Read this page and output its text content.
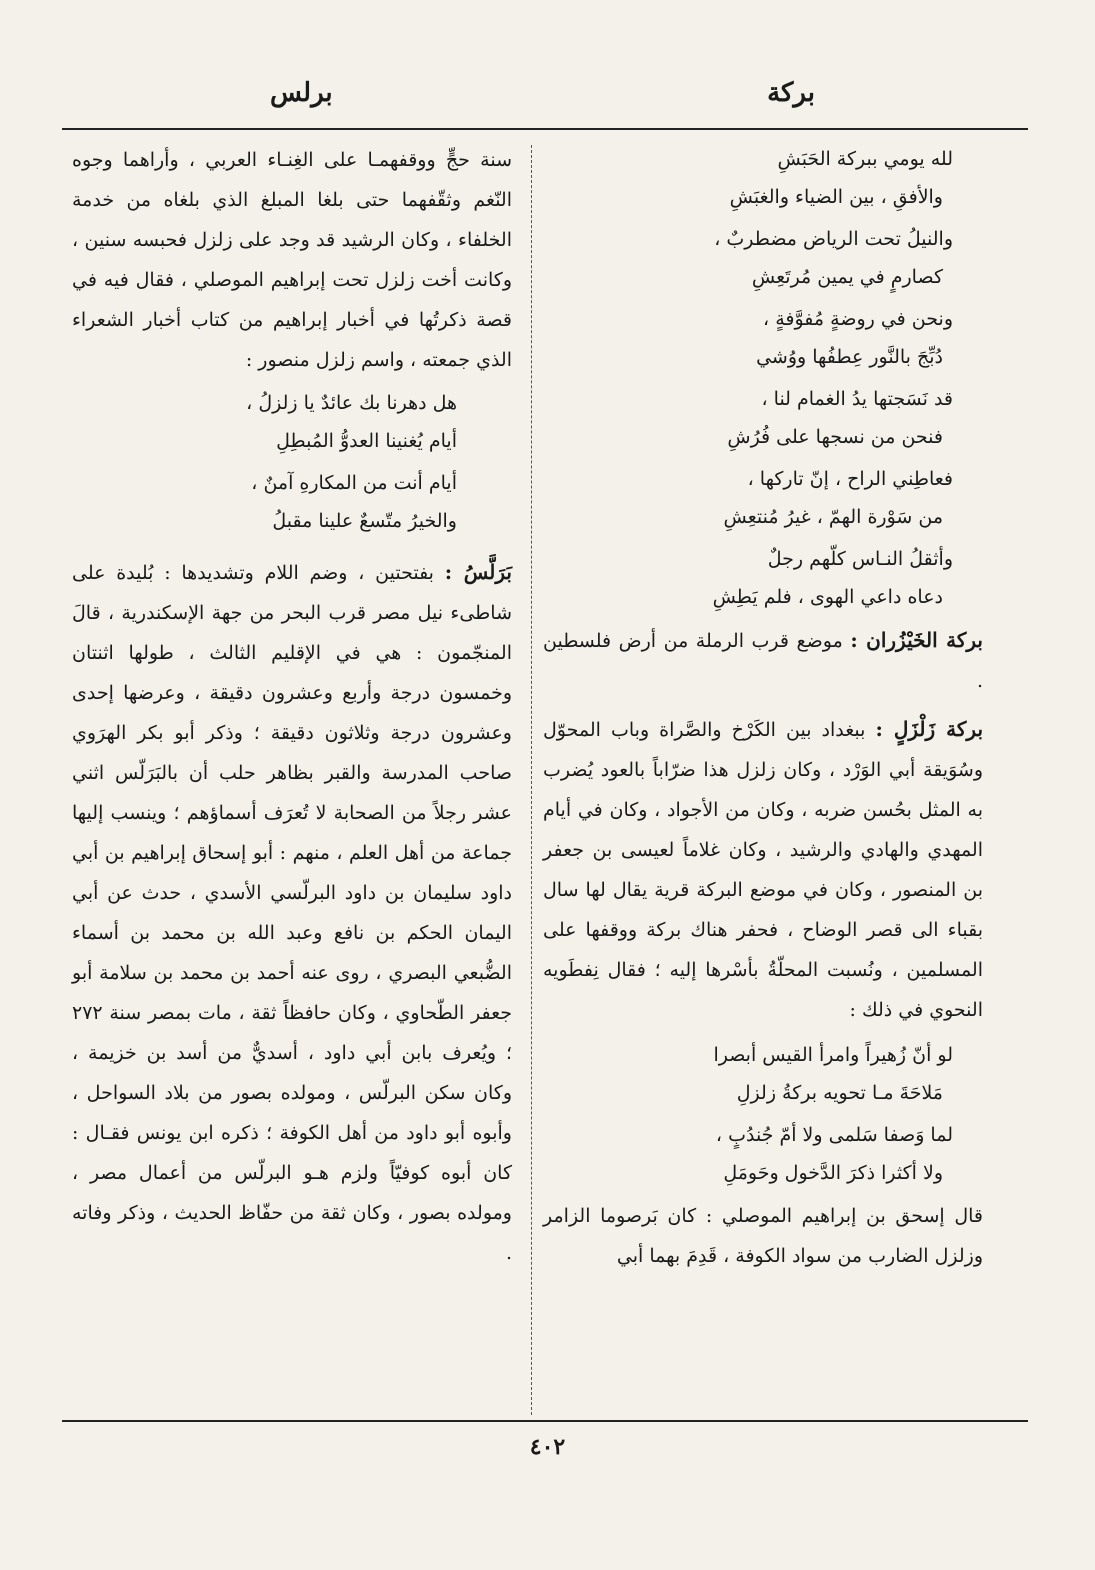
بركة
برلس
لله يومي ببركة الحَبَشِ
والأفقِ ، بين الضياء والغبَشِ
والنيلُ تحت الرياض مضطربٌ ،
كصارمٍ في يمين مُرتَعِشِ
ونحن في روضةٍ مُفوَّفةٍ ،
دُبِّجَ بالنَّور عِطفُها ووُشي
قد نَسَجتها يدُ الغمام لنا ،
فنحن من نسجها على فُرُشِ
فعاطِني الراح ، إنّ تاركها ،
من سَوْرة الهمّ ، غيرُ مُنتعِشِ
وأثقلُ النـاس كلّهم رجلٌ
دعاه داعي الهوى ، فلم يَطِشِ

بركة الخَيْزُران : موضع قرب الرملة من أرض فلسطين .

بركة زَلْزَلٍ : ببغداد بين الكَرْخ والصَّراة وباب المحوّل وسُوَيقة أبي الوَرْد ، وكان زلزل هذا ضرّاباً بالعود يُضرب به المثل بحُسن ضربه ، وكان من الأجواد ، وكان في أيام المهدي والهادي والرشيد ، وكان غلاماً لعيسى بن جعفر بن المنصور ، وكان في موضع البركة قرية يقال لها سال بقباء الى قصر الوضاح ، فحفر هناك بركة ووقفها على المسلمين ، ونُسبت المحلّةُ بأسْرها إليه ؛ فقال نِفطَويه النحوي في ذلك :

لو أنّ زُهيراً وامرأ القيس أبصرا
مَلاحَةَ مـا تحويه بركةُ زلزلِ
لما وَصفا سَلمى ولا أمّ جُندُبٍ ،
ولا أكثرا ذكرَ الدَّخول وحَومَلِ

قال إسحق بن إبراهيم الموصلي : كان بَرصوما الزامر وزلزل الضارب من سواد الكوفة ، قَدِمَ بهما أبي

سنة حجٍّ ووقفهمـا على الغِنـاء العربي ، وأراهما وجوه النّغم وثقّفهما حتى بلغا المبلغ الذي بلغاه من خدمة الخلفاء ، وكان الرشيد قد وجد على زلزل فحبسه سنين ، وكانت أخت زلزل تحت إبراهيم الموصلي ، فقال فيه في قصة ذكرتُها في أخبار إبراهيم من كتاب أخبار الشعراء الذي جمعته ، واسم زلزل منصور :

هل دهرنا بك عائدٌ يا زلزلُ ،
أيام يُغنينا العدوُّ المُبطِلِ
أيام أنت من المكارهِ آمنٌ ،
والخيرُ متّسعٌ علينا مقبلُ

بَرَلَّسُ : بفتحتين ، وضم اللام وتشديدها : بُليدة على شاطىء نيل مصر قرب البحر من جهة الإسكندرية ، قالَ المنجّمون : هي في الإقليم الثالث ، طولها اثنتان وخمسون درجة وأربع وعشرون دقيقة ، وعرضها إحدى وعشرون درجة وثلاثون دقيقة ؛ وذكر أبو بكر الهرَوي صاحب المدرسة والقبر بظاهر حلب أن بالبَرَلّس اثني عشر رجلاً من الصحابة لا تُعرَف أسماؤهم ؛ وينسب إليها جماعة من أهل العلم ، منهم : أبو إسحاق إبراهيم بن أبي داود سليمان بن داود البرلّسي الأسدي ، حدث عن أبي اليمان الحكم بن نافع وعبد الله بن محمد بن أسماء الضُّبعي البصري ، روى عنه أحمد بن محمد بن سلامة أبو جعفر الطّحاوي ، وكان حافظاً ثقة ، مات بمصر سنة ٢٧٢ ؛ ويُعرف بابن أبي داود ، أسديٌّ من أسد بن خزيمة ، وكان سكن البرلّس ، ومولده بصور من بلاد السواحل ، وأبوه أبو داود من أهل الكوفة ؛ ذكره ابن يونس فقـال : كان أبوه كوفيّاً ولزم هـو البرلّس من أعمال مصر ، ومولده بصور ، وكان ثقة من حفّاظ الحديث ، وذكر وفاته .

٤٠٢
